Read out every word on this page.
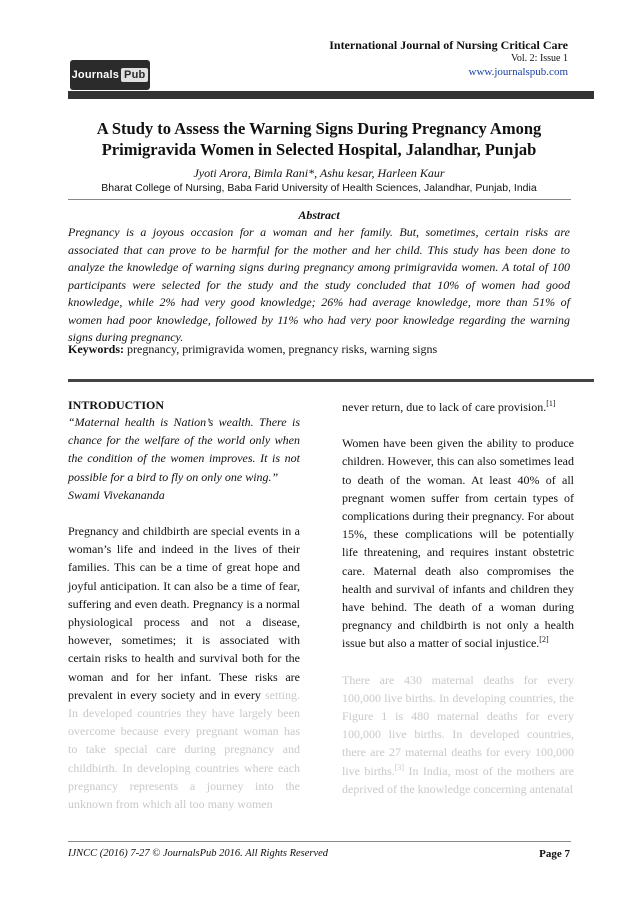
Journals Pub
International Journal of Nursing Critical Care
Vol. 2: Issue 1
www.journalspub.com
A Study to Assess the Warning Signs During Pregnancy Among Primigravida Women in Selected Hospital, Jalandhar, Punjab
Jyoti Arora, Bimla Rani*, Ashu kesar, Harleen Kaur
Bharat College of Nursing, Baba Farid University of Health Sciences, Jalandhar, Punjab, India
Abstract
Pregnancy is a joyous occasion for a woman and her family. But, sometimes, certain risks are associated that can prove to be harmful for the mother and her child. This study has been done to analyze the knowledge of warning signs during pregnancy among primigravida women. A total of 100 participants were selected for the study and the study concluded that 10% of women had good knowledge, while 2% had very good knowledge; 26% had average knowledge, more than 51% of women had poor knowledge, followed by 11% who had very poor knowledge regarding the warning signs during pregnancy.
Keywords: pregnancy, primigravida women, pregnancy risks, warning signs
INTRODUCTION
“Maternal health is Nation’s wealth. There is chance for the welfare of the world only when the condition of the women improves. It is not possible for a bird to fly on only one wing.”
Swami Vivekananda
Pregnancy and childbirth are special events in a woman’s life and indeed in the lives of their families. This can be a time of great hope and joyful anticipation. It can also be a time of fear, suffering and even death. Pregnancy is a normal physiological process and not a disease, however, sometimes; it is associated with certain risks to health and survival both for the woman and for her infant. These risks are prevalent in every society and in every setting. In developed countries they have largely been overcome because every pregnant woman has to take special care during pregnancy and childbirth. In developing countries where each pregnancy represents a journey into the unknown from which all too many women
never return, due to lack of care provision.[1]
Women have been given the ability to produce children. However, this can also sometimes lead to death of the woman. At least 40% of all pregnant women suffer from certain types of complications during their pregnancy. For about 15%, these complications will be potentially life threatening, and requires instant obstetric care. Maternal death also compromises the health and survival of infants and children they have behind. The death of a woman during pregnancy and childbirth is not only a health issue but also a matter of social injustice.[2]
There are 430 maternal deaths for every 100,000 live births. In developing countries, the Figure 1 is 480 maternal deaths for every 100,000 live births. In developed countries, there are 27 maternal deaths for every 100,000 live births.[3] In India, most of the mothers are deprived of the knowledge concerning antenatal
IJNCC (2016) 7-27 © JournalsPub 2016. All Rights Reserved	Page 7
